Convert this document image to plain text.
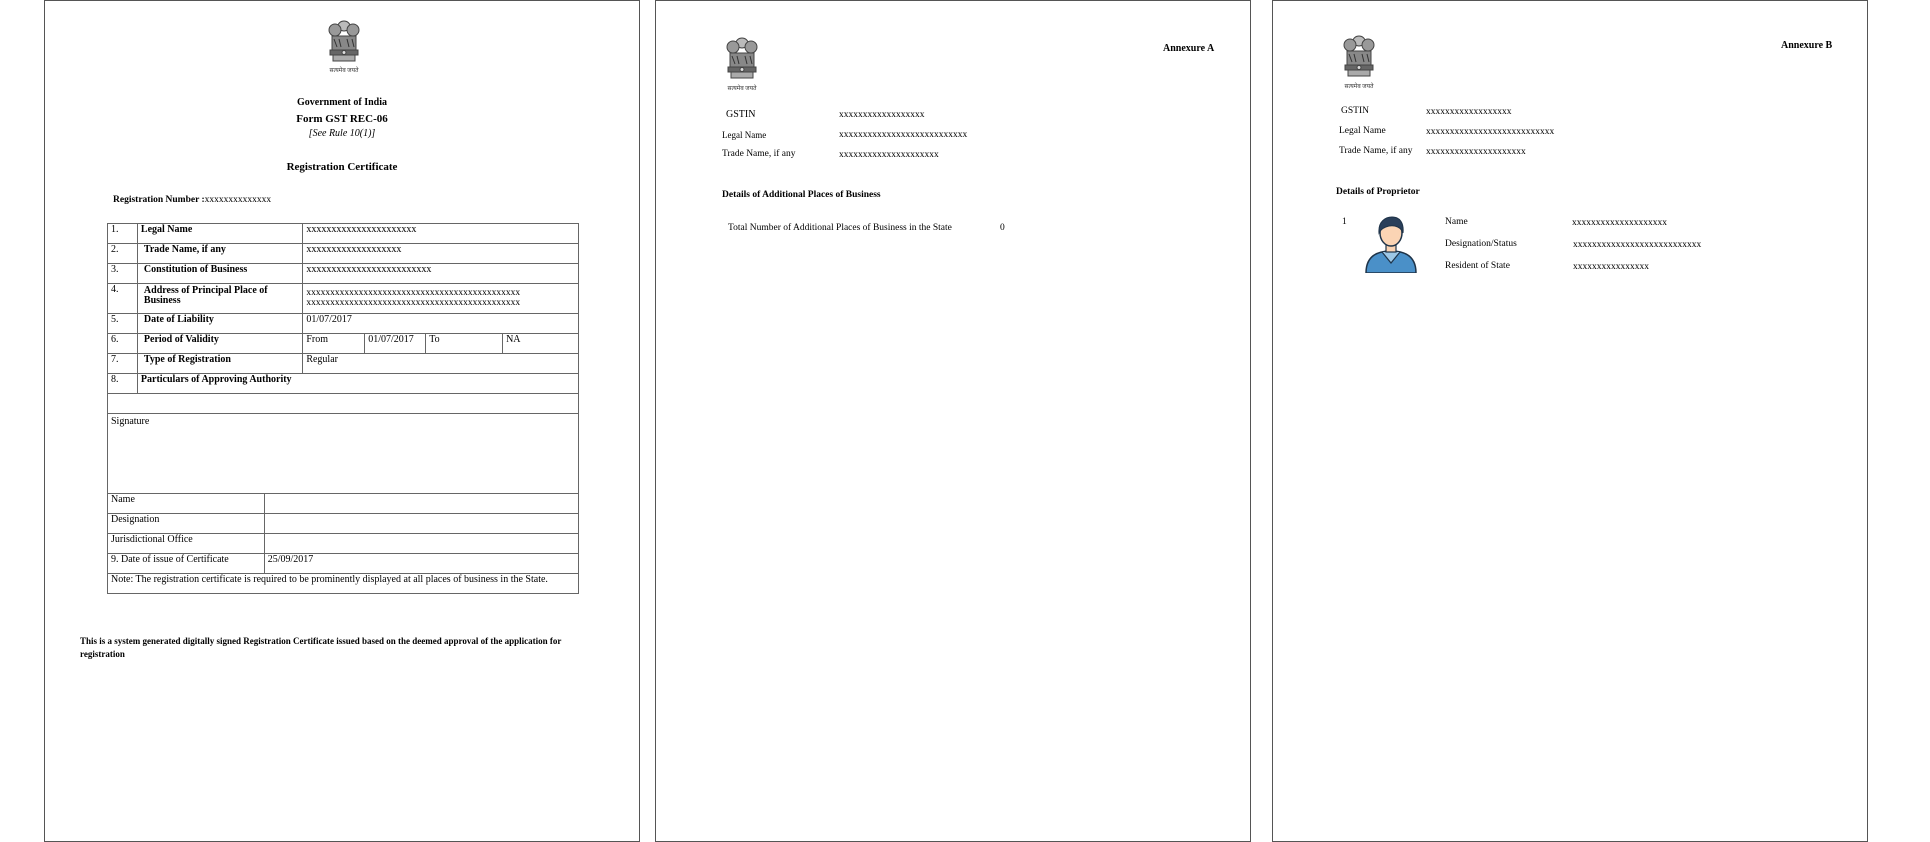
सत्यमेव जयते
Government of India
Form GST REC-06
[See Rule 10(1)]
Registration Certificate
Registration Number :xxxxxxxxxxxxxx
1.	Legal Name	xxxxxxxxxxxxxxxxxxxxxx			
2.	Trade Name, if any	xxxxxxxxxxxxxxxxxxx			
3.	Constitution of Business	xxxxxxxxxxxxxxxxxxxxxxxxx			
4.	Address of Principal Place of Business	xxxxxxxxxxxxxxxxxxxxxxxxxxxxxxxxxxxxxxxxxxxxx
xxxxxxxxxxxxxxxxxxxxxxxxxxxxxxxxxxxxxxxxxxxxx			

5.	Date of Liability	01/07/2017			
6.	Period of Validity	From	01/07/2017	To	NA
7.	Type of Registration	Regular			
8.	Particulars of Approving Authority				

Signature					
Name	
Designation	
Jurisdictional Office	
9. Date of issue of Certificate	25/09/2017
Note: The registration certificate is required to be prominently displayed at all places of business in the State.	
This is a system generated digitally signed Registration Certificate issued based on the deemed approval of the application for
registration
सत्यमेव जयते
Annexure A
GSTIN	xxxxxxxxxxxxxxxxxx
Legal Name	xxxxxxxxxxxxxxxxxxxxxxxxxxx
Trade Name, if any	xxxxxxxxxxxxxxxxxxxxx
Details of Additional Places of Business
Total Number of Additional Places of Business in the State	0
सत्यमेव जयते
Annexure B
GSTIN	xxxxxxxxxxxxxxxxxx
Legal Name	xxxxxxxxxxxxxxxxxxxxxxxxxxx
Trade Name, if any xxxxxxxxxxxxxxxxxxxxx
Details of Proprietor
1	Name	xxxxxxxxxxxxxxxxxxxx
Designation/Status	xxxxxxxxxxxxxxxxxxxxxxxxxxx
Resident of State	xxxxxxxxxxxxxxxx
